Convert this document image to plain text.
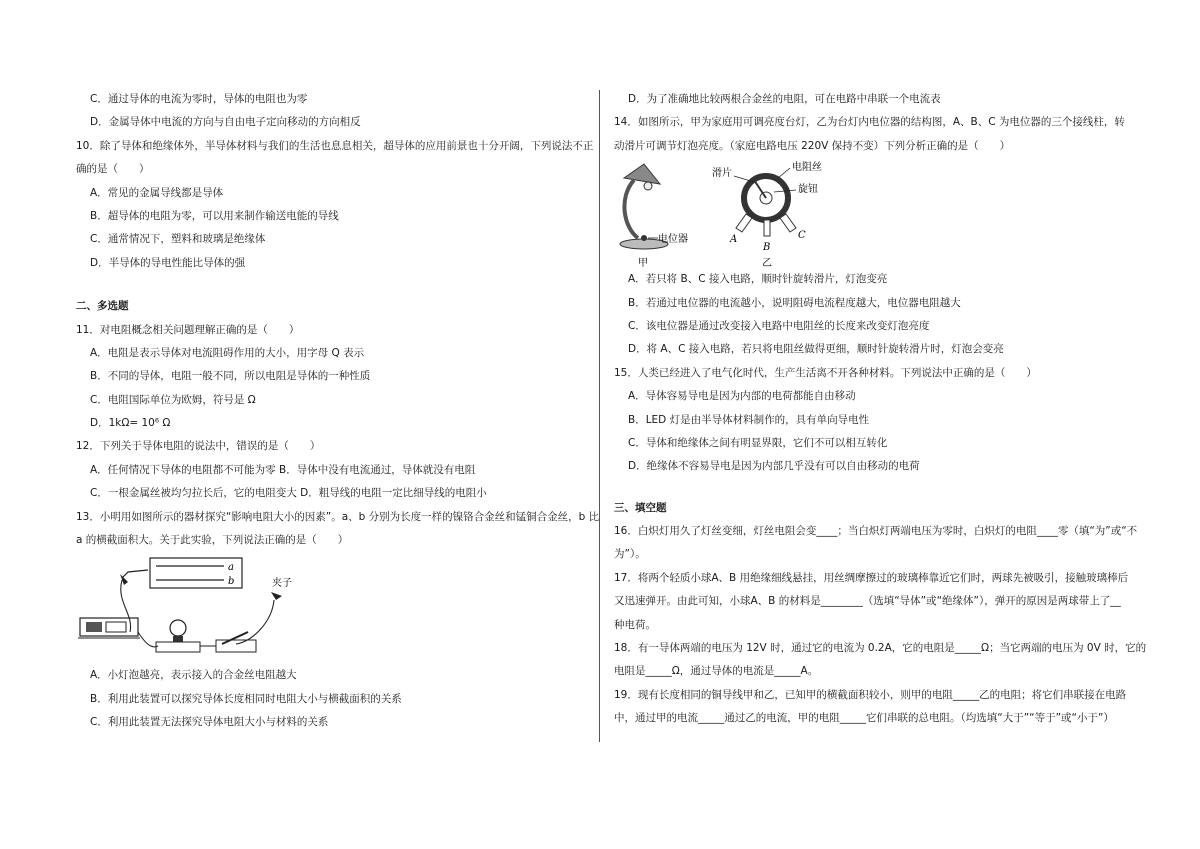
C．通过导体的电流为零时，导体的电阻也为零
D．金属导体中电流的方向与自由电子定向移动的方向相反
10．除了导体和绝缘体外，半导体材料与我们的生活也息息相关，超导体的应用前景也十分开阔，下列说法不正
确的是（　　）
A．常见的金属导线都是导体
B．超导体的电阻为零，可以用来制作输送电能的导线
C．通常情况下，塑料和玻璃是绝缘体
D．半导体的导电性能比导体的强
二、多选题
11．对电阻概念相关问题理解正确的是（　　）
A．电阻是表示导体对电流阻碍作用的大小，用字母 Q 表示
B．不同的导体，电阻一般不同，所以电阻是导体的一种性质
C．电阻国际单位为欧姆，符号是 Ω
D．1kΩ= 10⁶ Ω
12．下列关于导体电阻的说法中，错误的是（　　）
A．任何情况下导体的电阻都不可能为零 B．导体中没有电流通过，导体就没有电阻
C．一根金属丝被均匀拉长后，它的电阻变大 D．粗导线的电阻一定比细导线的电阻小
13．小明用如图所示的器材探究“影响电阻大小的因素”。a、b 分别为长度一样的镍铬合金丝和锰铜合金丝，b 比
a 的横截面积大。关于此实验，下列说法正确的是（　　）
a
b	夹子
A．小灯泡越亮，表示接入的合金丝电阻越大
B．利用此装置可以探究导体长度相同时电阻大小与横截面积的关系
C．利用此装置无法探究导体电阻大小与材料的关系
D．为了准确地比较两根合金丝的电阻，可在电路中串联一个电流表
14．如图所示，甲为家庭用可调亮度台灯，乙为台灯内电位器的结构图，A、B、C 为电位器的三个接线柱，转
动滑片可调节灯泡亮度。（家庭电路电压 220V 保持不变）下列分析正确的是（　　）
电位器
甲
滑片
电阻丝
旋钮
A
B
C
乙
A．若只将 B、C 接入电路，顺时针旋转滑片，灯泡变亮
B．若通过电位器的电流越小，说明阻碍电流程度越大，电位器电阻越大
C．该电位器是通过改变接入电路中电阻丝的长度来改变灯泡亮度
D．将 A、C 接入电路，若只将电阻丝做得更细，顺时针旋转滑片时，灯泡会变亮
15．人类已经进入了电气化时代，生产生活离不开各种材料。下列说法中正确的是（　　）
A．导体容易导电是因为内部的电荷都能自由移动
B．LED 灯是由半导体材料制作的，具有单向导电性
C．导体和绝缘体之间有明显界限，它们不可以相互转化
D．绝缘体不容易导电是因为内部几乎没有可以自由移动的电荷
三、填空题
16．白炽灯用久了灯丝变细，灯丝电阻会变____；当白炽灯两端电压为零时，白炽灯的电阻____零（填“为”或“不
为”）。
17．将两个轻质小球A、B 用绝缘细线悬挂，用丝绸摩擦过的玻璃棒靠近它们时，两球先被吸引，接触玻璃棒后
又迅速弹开。由此可知，小球A、B 的材料是________（选填“导体”或“绝缘体”），弹开的原因是两球带上了__
种电荷。
18．有一导体两端的电压为 12V 时，通过它的电流为 0.2A，它的电阻是_____Ω；当它两端的电压为 0V 时，它的
电阻是_____Ω，通过导体的电流是_____A。
19．现有长度相同的铜导线甲和乙，已知甲的横截面积较小，则甲的电阻_____乙的电阻；将它们串联接在电路
中，通过甲的电流_____通过乙的电流，甲的电阻_____它们串联的总电阻。（均选填“大于”“等于”或“小于”）
